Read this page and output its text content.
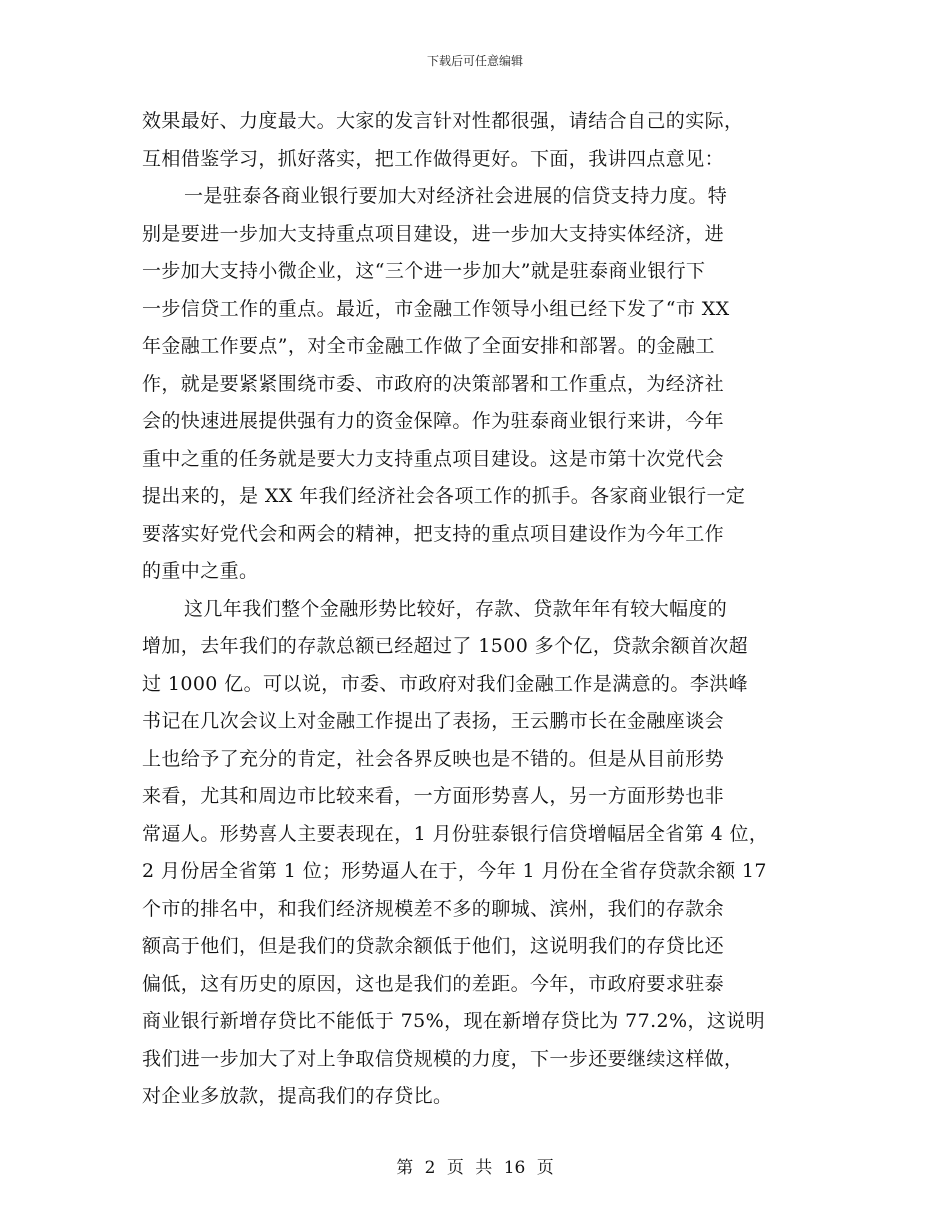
下载后可任意编辑
效果最好、力度最大。大家的发言针对性都很强，请结合自己的实际，
互相借鉴学习，抓好落实，把工作做得更好。下面，我讲四点意见：
一是驻泰各商业银行要加大对经济社会进展的信贷支持力度。特
别是要进一步加大支持重点项目建设，进一步加大支持实体经济，进
一步加大支持小微企业，这“三个进一步加大”就是驻泰商业银行下
一步信贷工作的重点。最近，市金融工作领导小组已经下发了“市 XX
年金融工作要点”，对全市金融工作做了全面安排和部署。的金融工
作，就是要紧紧围绕市委、市政府的决策部署和工作重点，为经济社
会的快速进展提供强有力的资金保障。作为驻泰商业银行来讲，今年
重中之重的任务就是要大力支持重点项目建设。这是市第十次党代会
提出来的，是 XX 年我们经济社会各项工作的抓手。各家商业银行一定
要落实好党代会和两会的精神，把支持的重点项目建设作为今年工作
的重中之重。
这几年我们整个金融形势比较好，存款、贷款年年有较大幅度的
增加，去年我们的存款总额已经超过了 1500 多个亿，贷款余额首次超
过 1000 亿。可以说，市委、市政府对我们金融工作是满意的。李洪峰
书记在几次会议上对金融工作提出了表扬，王云鹏市长在金融座谈会
上也给予了充分的肯定，社会各界反映也是不错的。但是从目前形势
来看，尤其和周边市比较来看，一方面形势喜人，另一方面形势也非
常逼人。形势喜人主要表现在，1 月份驻泰银行信贷增幅居全省第 4 位，
2 月份居全省第 1 位；形势逼人在于，今年 1 月份在全省存贷款余额 17
个市的排名中，和我们经济规模差不多的聊城、滨州，我们的存款余
额高于他们，但是我们的贷款余额低于他们，这说明我们的存贷比还
偏低，这有历史的原因，这也是我们的差距。今年，市政府要求驻泰
商业银行新增存贷比不能低于 75%，现在新增存贷比为 77.2%，这说明
我们进一步加大了对上争取信贷规模的力度，下一步还要继续这样做，
对企业多放款，提高我们的存贷比。
第 2 页 共 16 页
